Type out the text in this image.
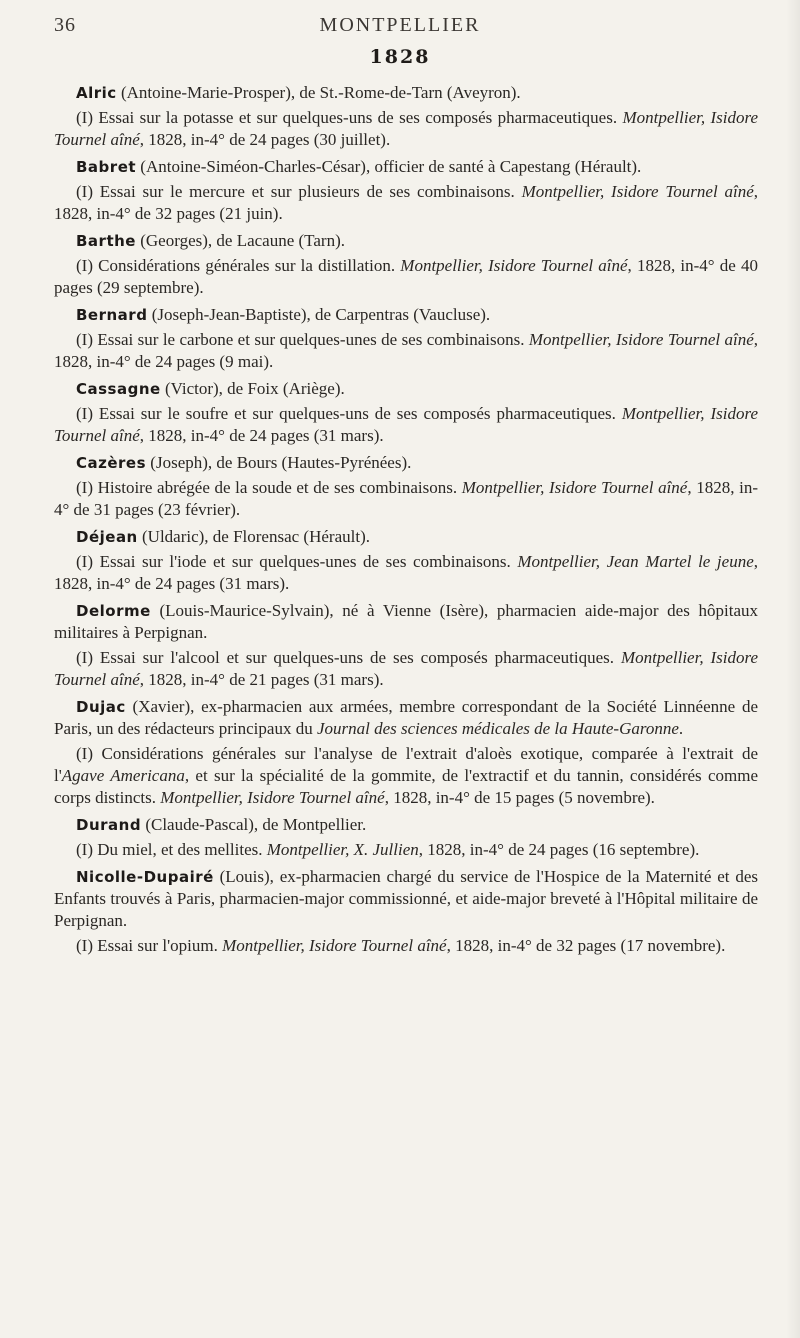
36	MONTPELLIER
1828

Alric (Antoine-Marie-Prosper), de St.-Rome-de-Tarn (Aveyron).

(I) Essai sur la potasse et sur quelques-uns de ses composés pharmaceutiques. Montpellier, Isidore Tournel aîné, 1828, in-4° de 24 pages (30 juillet).

Babret (Antoine-Siméon-Charles-César), officier de santé à Capestang (Hérault).

(I) Essai sur le mercure et sur plusieurs de ses combinaisons. Montpellier, Isidore Tournel aîné, 1828, in-4° de 32 pages (21 juin).

Barthe (Georges), de Lacaune (Tarn).

(I) Considérations générales sur la distillation. Montpellier, Isidore Tournel aîné, 1828, in-4° de 40 pages (29 septembre).

Bernard (Joseph-Jean-Baptiste), de Carpentras (Vaucluse).

(I) Essai sur le carbone et sur quelques-unes de ses combinaisons. Montpellier, Isidore Tournel aîné, 1828, in-4° de 24 pages (9 mai).

Cassagne (Victor), de Foix (Ariège).

(I) Essai sur le soufre et sur quelques-uns de ses composés pharmaceutiques. Montpellier, Isidore Tournel aîné, 1828, in-4° de 24 pages (31 mars).

Cazères (Joseph), de Bours (Hautes-Pyrénées).

(I) Histoire abrégée de la soude et de ses combinaisons. Montpellier, Isidore Tournel aîné, 1828, in-4° de 31 pages (23 février).

Déjean (Uldaric), de Florensac (Hérault).

(I) Essai sur l'iode et sur quelques-unes de ses combinaisons. Montpellier, Jean Martel le jeune, 1828, in-4° de 24 pages (31 mars).

Delorme (Louis-Maurice-Sylvain), né à Vienne (Isère), pharmacien aide-major des hôpitaux militaires à Perpignan.

(I) Essai sur l'alcool et sur quelques-uns de ses composés pharmaceutiques. Montpellier, Isidore Tournel aîné, 1828, in-4° de 21 pages (31 mars).

Dujac (Xavier), ex-pharmacien aux armées, membre correspondant de la Société Linnéenne de Paris, un des rédacteurs principaux du Journal des sciences médicales de la Haute-Garonne.

(I) Considérations générales sur l'analyse de l'extrait d'aloès exotique, comparée à l'extrait de l'Agave Americana, et sur la spécialité de la gommite, de l'extractif et du tannin, considérés comme corps distincts. Montpellier, Isidore Tournel aîné, 1828, in-4° de 15 pages (5 novembre).

Durand (Claude-Pascal), de Montpellier.

(I) Du miel, et des mellites. Montpellier, X. Jullien, 1828, in-4° de 24 pages (16 septembre).

Nicolle-Dupairé (Louis), ex-pharmacien chargé du service de l'Hospice de la Maternité et des Enfants trouvés à Paris, pharmacien-major commissionné, et aide-major breveté à l'Hôpital militaire de Perpignan.

(I) Essai sur l'opium. Montpellier, Isidore Tournel aîné, 1828, in-4° de 32 pages (17 novembre).
